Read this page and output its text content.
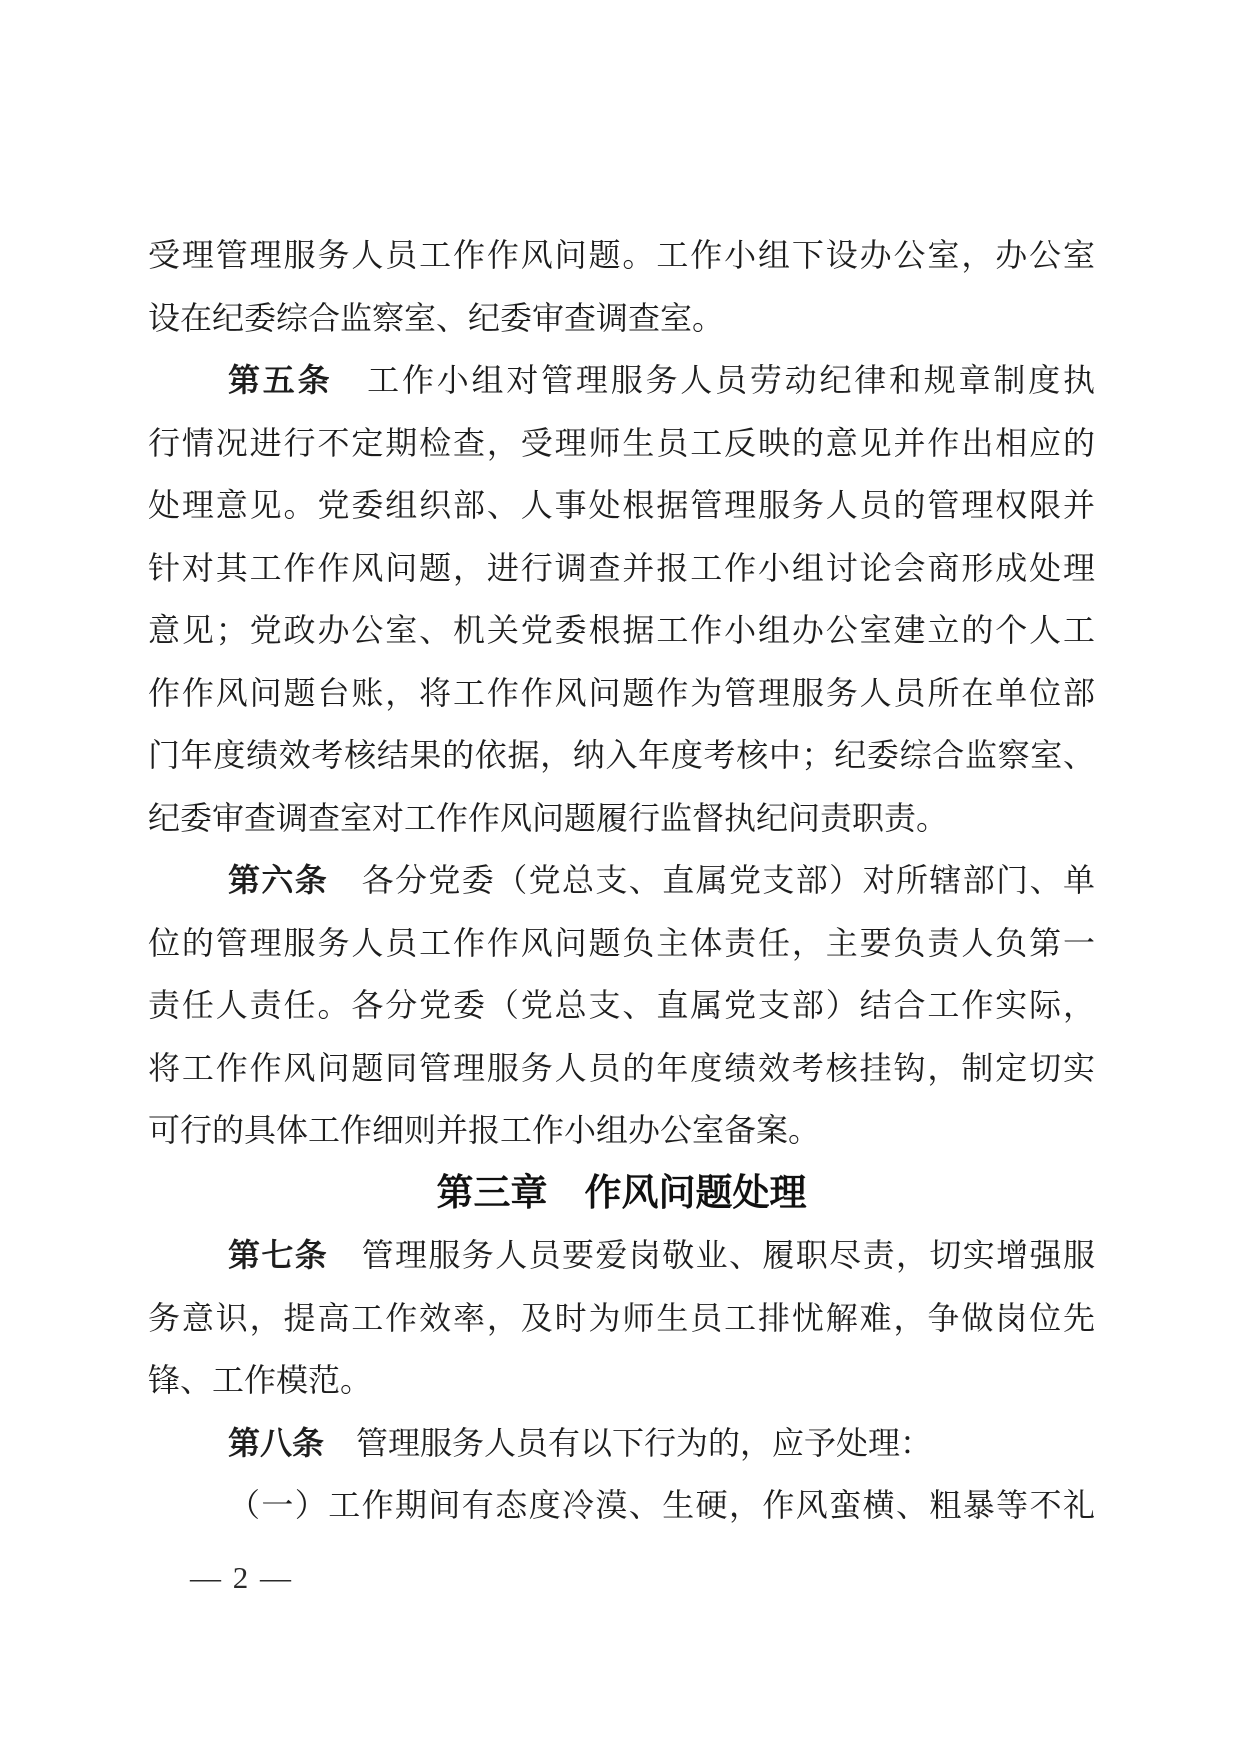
受理管理服务人员工作作风问题。工作小组下设办公室，办公室
设在纪委综合监察室、纪委审查调查室。
第五条　工作小组对管理服务人员劳动纪律和规章制度执
行情况进行不定期检查，受理师生员工反映的意见并作出相应的
处理意见。党委组织部、人事处根据管理服务人员的管理权限并
针对其工作作风问题，进行调查并报工作小组讨论会商形成处理
意见；党政办公室、机关党委根据工作小组办公室建立的个人工
作作风问题台账，将工作作风问题作为管理服务人员所在单位部
门年度绩效考核结果的依据，纳入年度考核中；纪委综合监察室、
纪委审查调查室对工作作风问题履行监督执纪问责职责。
第六条　各分党委（党总支、直属党支部）对所辖部门、单
位的管理服务人员工作作风问题负主体责任，主要负责人负第一
责任人责任。各分党委（党总支、直属党支部）结合工作实际，
将工作作风问题同管理服务人员的年度绩效考核挂钩，制定切实
可行的具体工作细则并报工作小组办公室备案。
第三章　作风问题处理
第七条　管理服务人员要爱岗敬业、履职尽责，切实增强服
务意识，提高工作效率，及时为师生员工排忧解难，争做岗位先
锋、工作模范。
第八条　管理服务人员有以下行为的，应予处理：
（一）工作期间有态度冷漠、生硬，作风蛮横、粗暴等不礼
— 2 —
